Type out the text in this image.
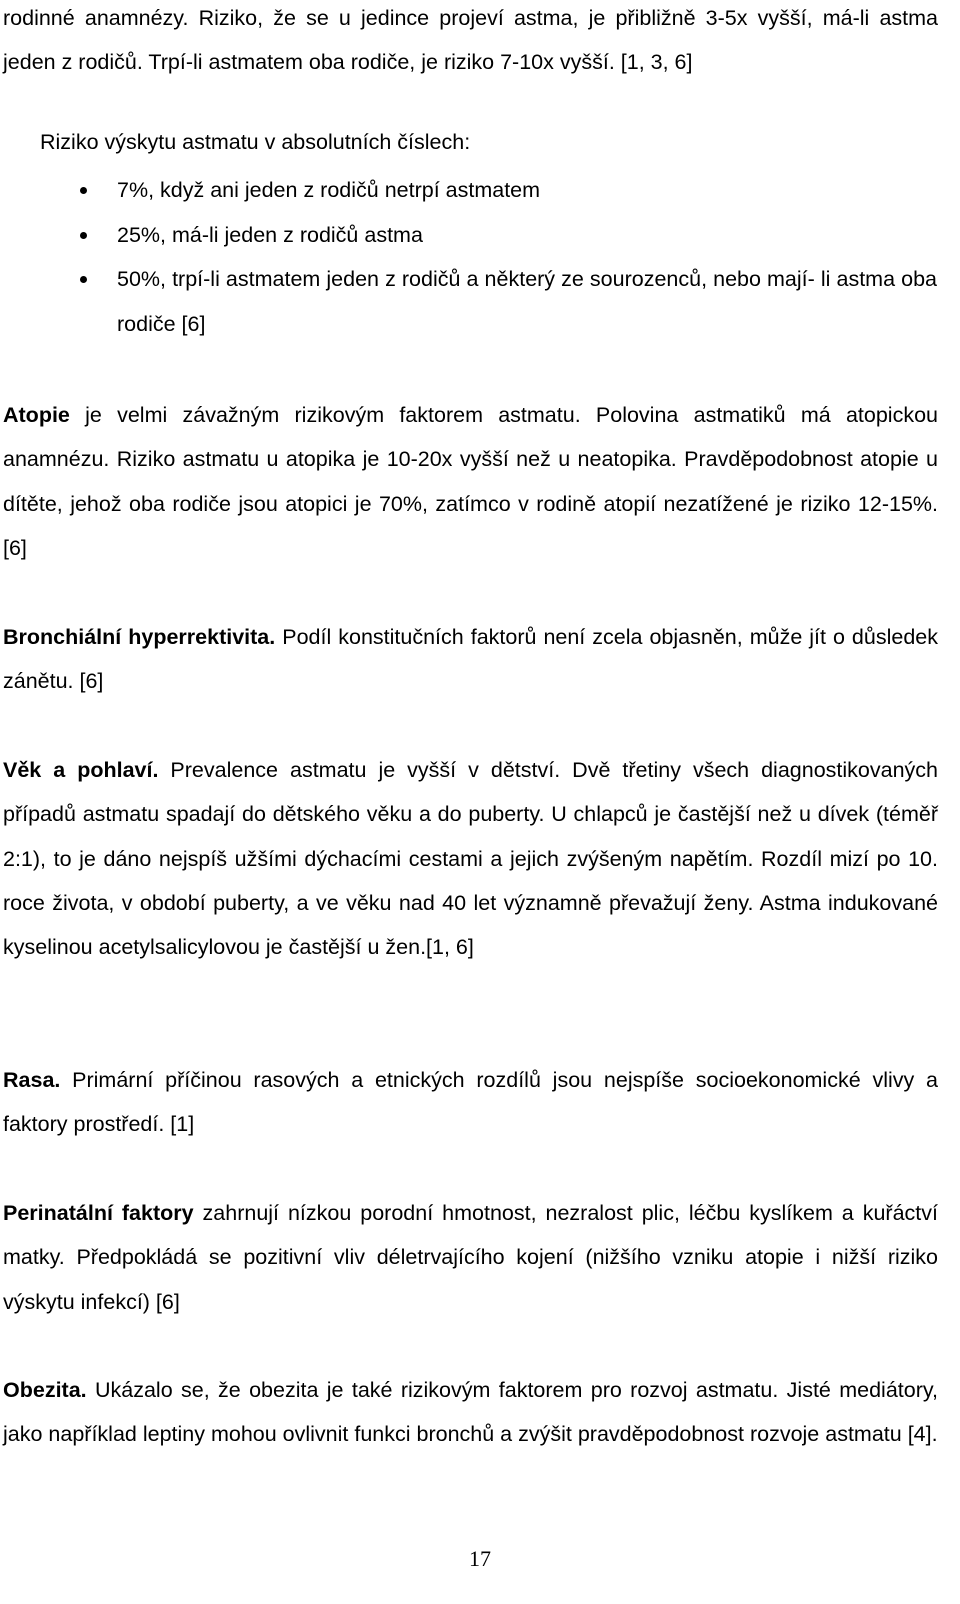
rodinné anamnézy. Riziko, že se u jedince projeví astma, je přibližně 3-5x vyšší, má-li astma jeden z rodičů. Trpí-li astmatem oba rodiče, je riziko 7-10x vyšší. [1, 3, 6]

Riziko výskytu astmatu v absolutních číslech:

7%, když ani jeden z rodičů netrpí astmatem
25%, má-li jeden z rodičů astma
50%, trpí-li astmatem jeden z rodičů a některý ze sourozenců, nebo mají- li astma oba rodiče [6]

Atopie je velmi závažným rizikovým faktorem astmatu. Polovina astmatiků má atopickou anamnézu. Riziko astmatu u atopika je 10-20x vyšší než u neatopika. Pravděpodobnost atopie u dítěte, jehož oba rodiče jsou atopici je 70%, zatímco v rodině atopií nezatížené je riziko 12-15%. [6]

Bronchiální hyperrektivita. Podíl konstitučních faktorů není zcela objasněn, může jít o důsledek zánětu. [6]

Věk a pohlaví. Prevalence astmatu je vyšší v dětství. Dvě třetiny všech diagnostikovaných případů astmatu spadají do dětského věku a do puberty. U chlapců je častější než u dívek (téměř 2:1), to je dáno nejspíš užšími dýchacími cestami a jejich zvýšeným napětím. Rozdíl mizí po 10. roce života, v období puberty, a ve věku nad 40 let významně převažují ženy. Astma indukované kyselinou acetylsalicylovou je častější u žen.[1, 6]

Rasa. Primární příčinou rasových a etnických rozdílů jsou nejspíše socioekonomické vlivy a faktory prostředí. [1]

Perinatální faktory zahrnují nízkou porodní hmotnost, nezralost plic, léčbu kyslíkem a kuřáctví matky. Předpokládá se pozitivní vliv déletrvajícího kojení (nižšího vzniku atopie i nižší riziko výskytu infekcí) [6]

Obezita. Ukázalo se, že obezita je také rizikovým faktorem pro rozvoj astmatu. Jisté mediátory, jako například leptiny mohou ovlivnit funkci bronchů a zvýšit pravděpodobnost rozvoje astmatu [4].

17
